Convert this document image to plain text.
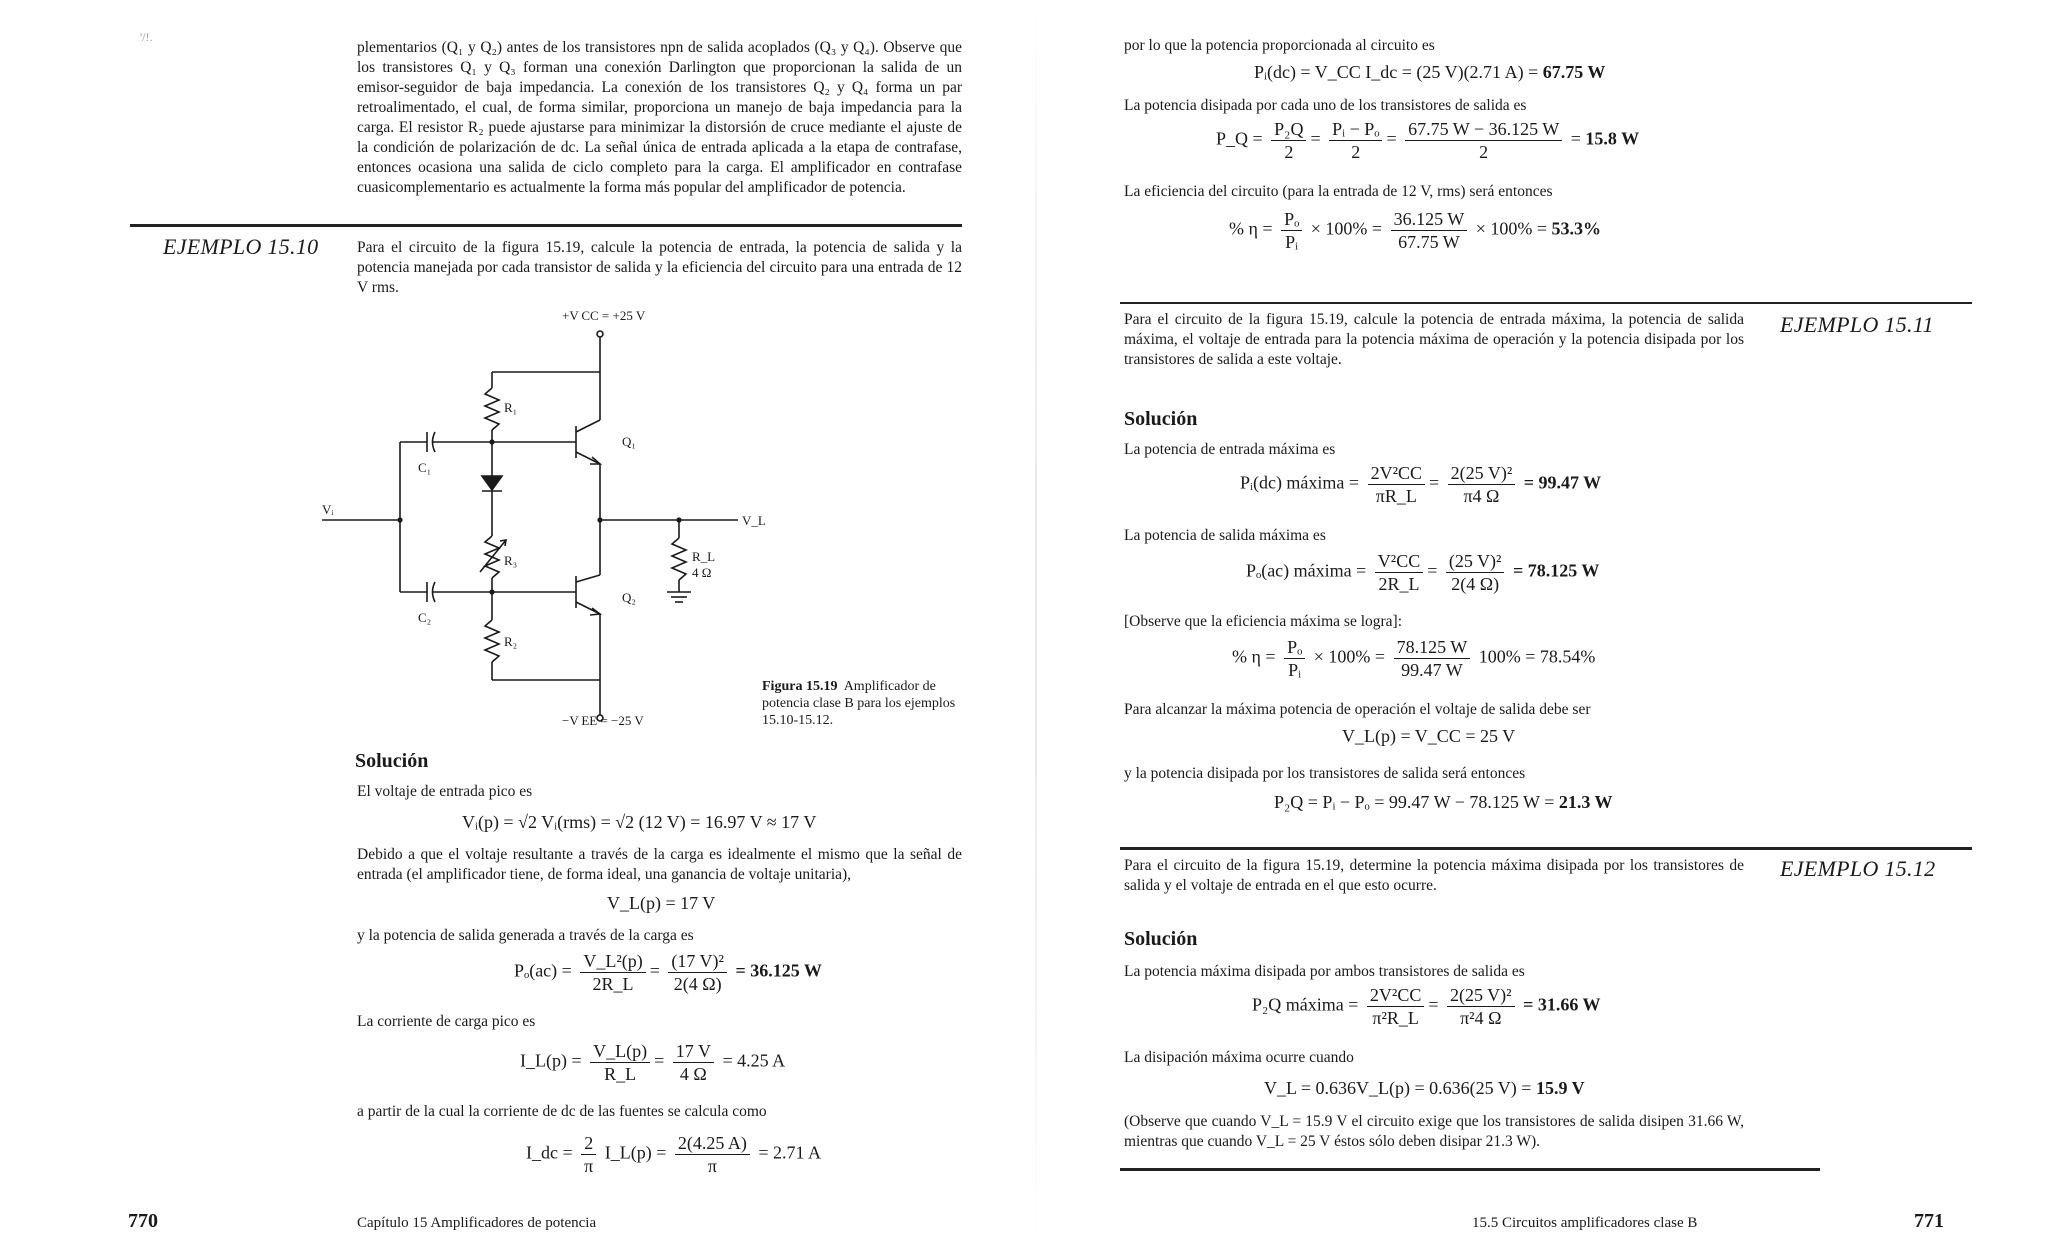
'/!.
plementarios (Q₁ y Q₂) antes de los transistores npn de salida acoplados (Q₃ y Q₄). Observe que los transistores Q₁ y Q₃ forman una conexión Darlington que proporcionan la salida de un emisor-seguidor de baja impedancia. La conexión de los transistores Q₂ y Q₄ forma un par retroalimentado, el cual, de forma similar, proporciona un manejo de baja impedancia para la carga. El resistor R₂ puede ajustarse para minimizar la distorsión de cruce mediante el ajuste de la condición de polarización de dc. La señal única de entrada aplicada a la etapa de contrafase, entonces ocasiona una salida de ciclo completo para la carga. El amplificador en contrafase cuasicomplementario es actualmente la forma más popular del amplificador de potencia.
EJEMPLO 15.10 Para el circuito de la figura 15.19, calcule la potencia de entrada, la potencia de salida y la potencia manejada por cada transistor de salida y la eficiencia del circuito para una entrada de 12 V rms.
+V CC = +25 V
−V EE = −25 V
R₁
R₃
R₂
R_L
4 Ω
C₁
C₂
Q₁
Q₂
Vᵢ
V_L
Figura 15.19 Amplificador de potencia clase B para los ejemplos 15.10-15.12.
Solución
El voltaje de entrada pico es
Vᵢ(p) = √2 Vᵢ(rms) = √2 (12 V) = 16.97 V ≈ 17 V
Debido a que el voltaje resultante a través de la carga es idealmente el mismo que la señal de entrada (el amplificador tiene, de forma ideal, una ganancia de voltaje unitaria),
V_L(p) = 17 V
y la potencia de salida generada a través de la carga es
$P_o(ac) = \frac{\text{V\_L²(p)}}{2R\_L} = \frac{\text{(17 V)²}}{2(4 \Omega)} = 36.125$ W
La corriente de carga pico es
I_L(p) = $\frac{V\_L(p)}{R\_L} = \frac{17 V}{4 \Omega} = 4.25$ A
a partir de la cual la corriente de dc de las fuentes se calcula como
I_dc = $\frac{2}{\pi}$ I_L(p) = $\frac{2(4.25 A)}{\pi} = 2.71$ A
770	Capítulo 15 Amplificadores de potencia
por lo que la potencia proporcionada al circuito es
Pᵢ(dc) = V_CC I_dc = (25 V)(2.71 A) = 67.75 W
La potencia disipada por cada uno de los transistores de salida es
P_Q = $\frac{\text{P₂Q}}{2} = \frac{\text{Pᵢ − Pₒ}}{2} = \frac{67.75 W - 36.125 W}{2} = 15.8$ W
La eficiencia del circuito (para la entrada de 12 V, rms) será entonces
% $\eta = \frac{\text{Pₒ}}{\text{Pᵢ}} \times 100\% = \frac{36.125 W}{67.75 W} \times 100\% = 53.3\%$
Para el circuito de la figura 15.19, calcule la potencia de entrada máxima, la potencia de salida máxima, el voltaje de entrada para la potencia máxima de operación y la potencia disipada por los transistores de salida a este voltaje.
EJEMPLO 15.11
Solución
La potencia de entrada máxima es
Pᵢ(dc) máxima = $\frac{\text{2V²CC}}{\pi R\_L} = \frac{\text{2(25 V)²}}{\pi 4 \Omega} = 99.47$ W
La potencia de salida máxima es
Pₒ(ac) máxima = $\frac{\text{V²CC}}{2R\_L} = \frac{\text{(25 V)²}}{2(4 \Omega)} = 78.125$ W
[Observe que la eficiencia máxima se logra]:
% $\eta = \frac{\text{Pₒ}}{\text{Pᵢ}} \times 100\% = \frac{78.125 W}{99.47 W} 100\% = 78.54\%$
Para alcanzar la máxima potencia de operación el voltaje de salida debe ser
V_L(p) = V_CC = 25 V
y la potencia disipada por los transistores de salida será entonces
P₂Q = Pᵢ − Pₒ = 99.47 W − 78.125 W = 21.3 W
Para el circuito de la figura 15.19, determine la potencia máxima disipada por los transistores de salida y el voltaje de entrada en el que esto ocurre.
EJEMPLO 15.12
Solución
La potencia máxima disipada por ambos transistores de salida es
P₂Q máxima = $\frac{\text{2V²CC}}{\text{π²R\_L}} = \frac{\text{2(25 V)²}}{\text{π²4 Ω}} = 31.66$ W
La disipación máxima ocurre cuando
V_L = 0.636V_L(p) = 0.636(25 V) = 15.9 V
(Observe que cuando V_L = 15.9 V el circuito exige que los transistores de salida disipen 31.66 W, mientras que cuando V_L = 25 V éstos sólo deben disipar 21.3 W).
15.5 Circuitos amplificadores clase B	771
